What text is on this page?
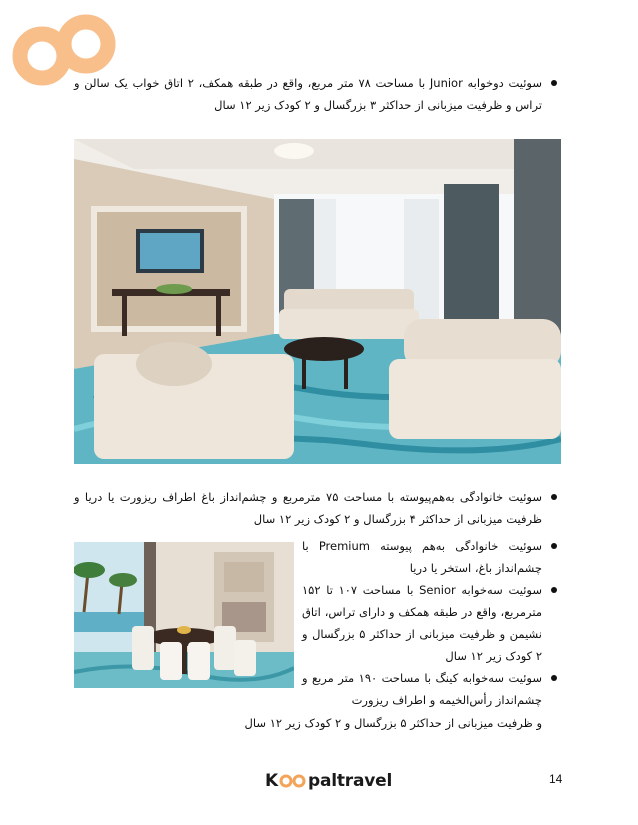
سوئیت دوخوابه Junior با مساحت ۷۸ متر مربع، واقع در طبقه همکف، ۲ اتاق خواب یک سالن و تراس و ظرفیت میزبانی از حداکثر ۳ بزرگسال و ۲ کودک زیر ۱۲ سال
سوئیت خانوادگی به‌هم‌پیوسته با مساحت ۷۵ مترمربع و چشم‌انداز باغ اطراف ریزورت یا دریا و ظرفیت میزبانی از حداکثر ۴ بزرگسال و ۲ کودک زیر ۱۲ سال
سوئیت خانوادگی به‌هم پیوسته Premium با چشم‌انداز باغ، استخر یا دریا
سوئیت سه‌خوابه Senior با مساحت ۱۰۷ تا ۱۵۲ مترمربع، واقع در طبقه همکف و دارای تراس، اتاق نشیمن و ظرفیت میزبانی از حداکثر ۵ بزرگسال و ۲ کودک زیر ۱۲ سال
سوئیت سه‌خوابه کینگ با مساحت ۱۹۰ متر مربع و چشم‌انداز رأس‌الخیمه و اطراف ریزورت
و ظرفیت میزبانی از حداکثر ۵ بزرگسال و ۲ کودک زیر ۱۲ سال
K paltravel	14
